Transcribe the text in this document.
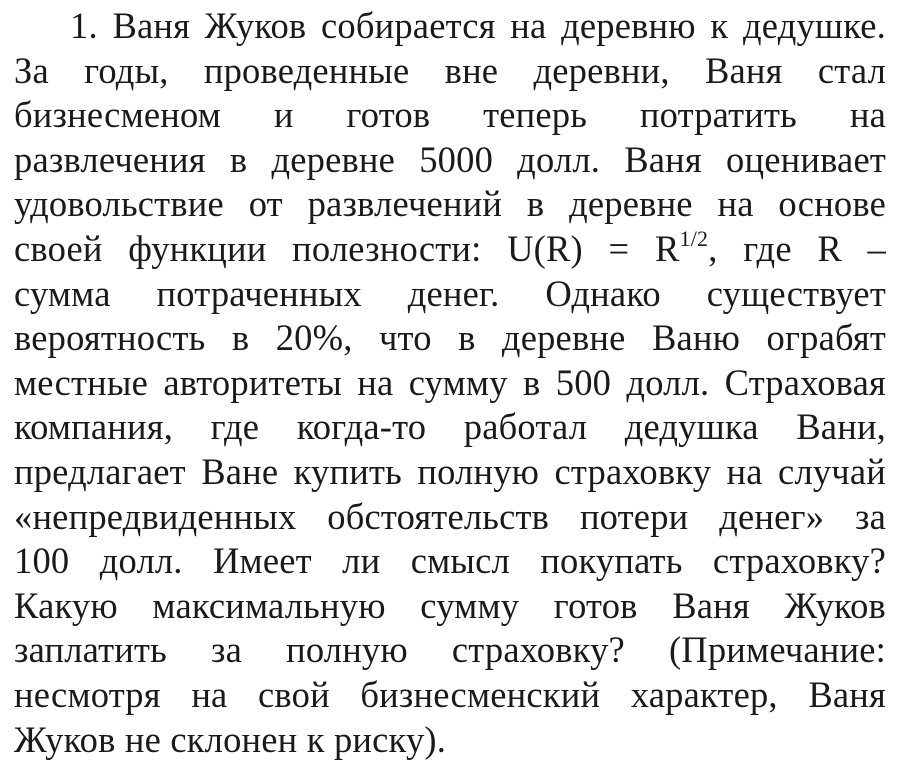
1. Ваня Жуков собирается на деревню к дедушке.
За годы, проведенные вне деревни, Ваня стал
бизнесменом и готов теперь потратить на
развлечения в деревне 5000 долл. Ваня оценивает
удовольствие от развлечений в деревне на основе
своей функции полезности: $U(R) = R^{1/2}$, где R –
сумма потраченных денег. Однако существует
вероятность в 20%, что в деревне Ваню ограбят
местные авторитеты на сумму в 500 долл. Страховая
компания, где когда-то работал дедушка Вани,
предлагает Ване купить полную страховку на случай
«непредвиденных обстоятельств потери денег» за
100 долл. Имеет ли смысл покупать страховку?
Какую максимальную сумму готов Ваня Жуков
заплатить за полную страховку? (Примечание:
несмотря на свой бизнесменский характер, Ваня
Жуков не склонен к риску).
